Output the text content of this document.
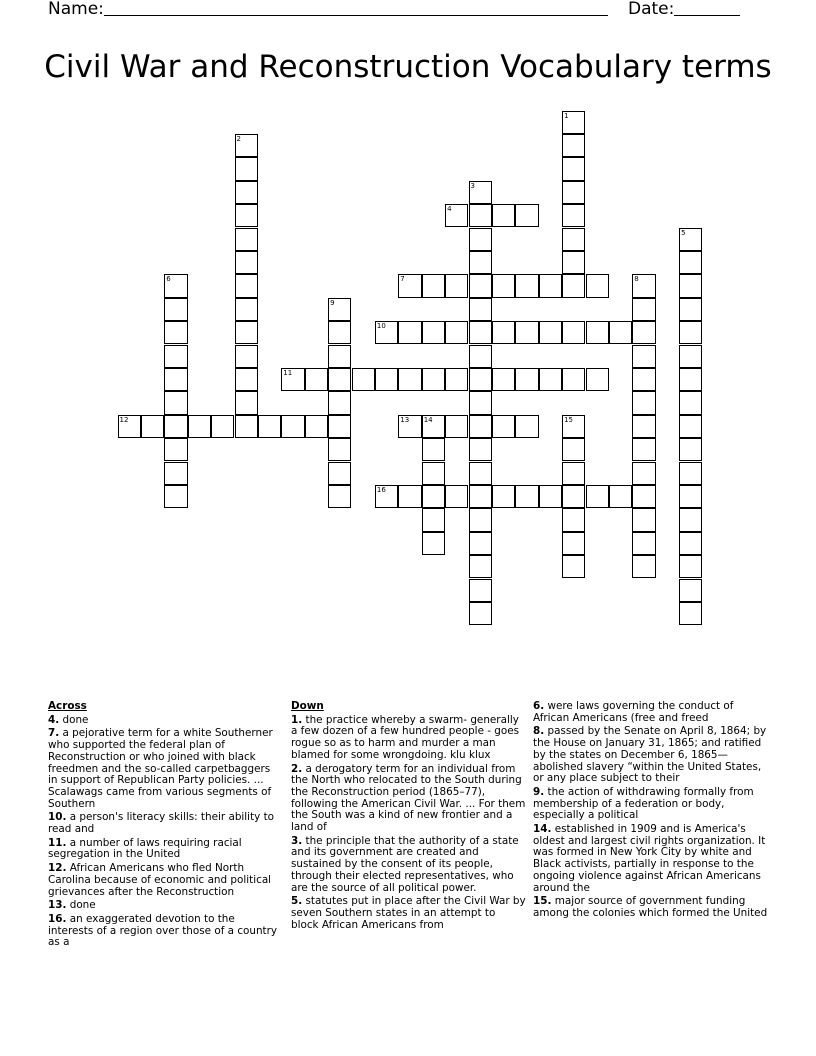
Name:	Date:
Civil War and Reconstruction Vocabulary terms
1
2
3
4
5
6	7	8
9
10
11
12	13 14	15
16
Across
4. done
7. a pejorative term for a white Southerner who supported the federal plan of Reconstruction or who joined with black freedmen and the so-called carpetbaggers in support of Republican Party policies. ... Scalawags came from various segments of Southern
10. a person's literacy skills: their ability to read and
11. a number of laws requiring racial segregation in the United
12. African Americans who fled North Carolina because of economic and political grievances after the Reconstruction
13. done
16. an exaggerated devotion to the interests of a region over those of a country as a
Down
1. the practice whereby a swarm- generally a few dozen of a few hundred people - goes rogue so as to harm and murder a man blamed for some wrongdoing. klu klux
2. a derogatory term for an individual from the North who relocated to the South during the Reconstruction period (1865–77), following the American Civil War. ... For them the South was a kind of new frontier and a land of
3. the principle that the authority of a state and its government are created and sustained by the consent of its people, through their elected representatives, who are the source of all political power.
5. statutes put in place after the Civil War by seven Southern states in an attempt to block African Americans from
6. were laws governing the conduct of African Americans (free and freed
8. passed by the Senate on April 8, 1864; by the House on January 31, 1865; and ratified by the states on December 6, 1865—abolished slavery “within the United States, or any place subject to their
9. the action of withdrawing formally from membership of a federation or body, especially a political
14. established in 1909 and is America's oldest and largest civil rights organization. It was formed in New York City by white and Black activists, partially in response to the ongoing violence against African Americans around the
15. major source of government funding among the colonies which formed the United
